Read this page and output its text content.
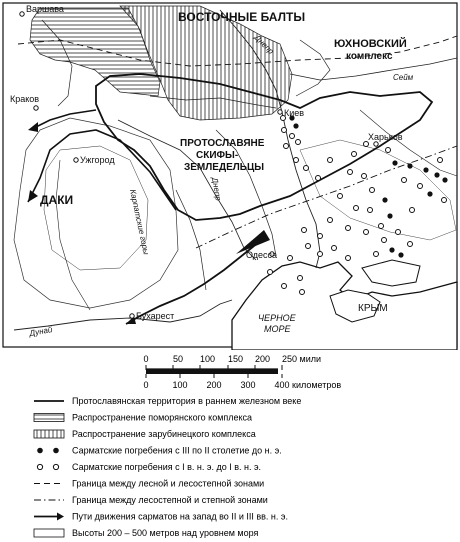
ВОСТОЧНЫЕ БАЛТЫ
ЮХНОВСКИЙ
комплекс
ПРОТОСЛАВЯНЕ
СКИФЫ-
ЗЕМЛЕДЕЛЬЦЫ
ДАКИ
КРЫМ
ЧЕРНОЕ
МОРЕ
Варшава
Краков
Киев
Харьков
Ужгород
Одесса
Бухарест
Днепр
Днепр
Сейм
Дунай
Карпатские горы
0	50 100 150 200 250 мили
0	100 200 300 400 километров
Протославянская территория в раннем железном веке
Распространение поморянского комплекса
Распространение зарубинецкого комплекса
Сарматские погребения с III по II столетие до н. э.
Сарматские погребения с I в. н. э. до I в. н. э.
Граница между лесной и лесостепной зонами
Граница между лесостепной и степной зонами
Пути движения сарматов на запад во II и III вв. н. э.
Высоты 200 – 500 метров над уровнем моря
